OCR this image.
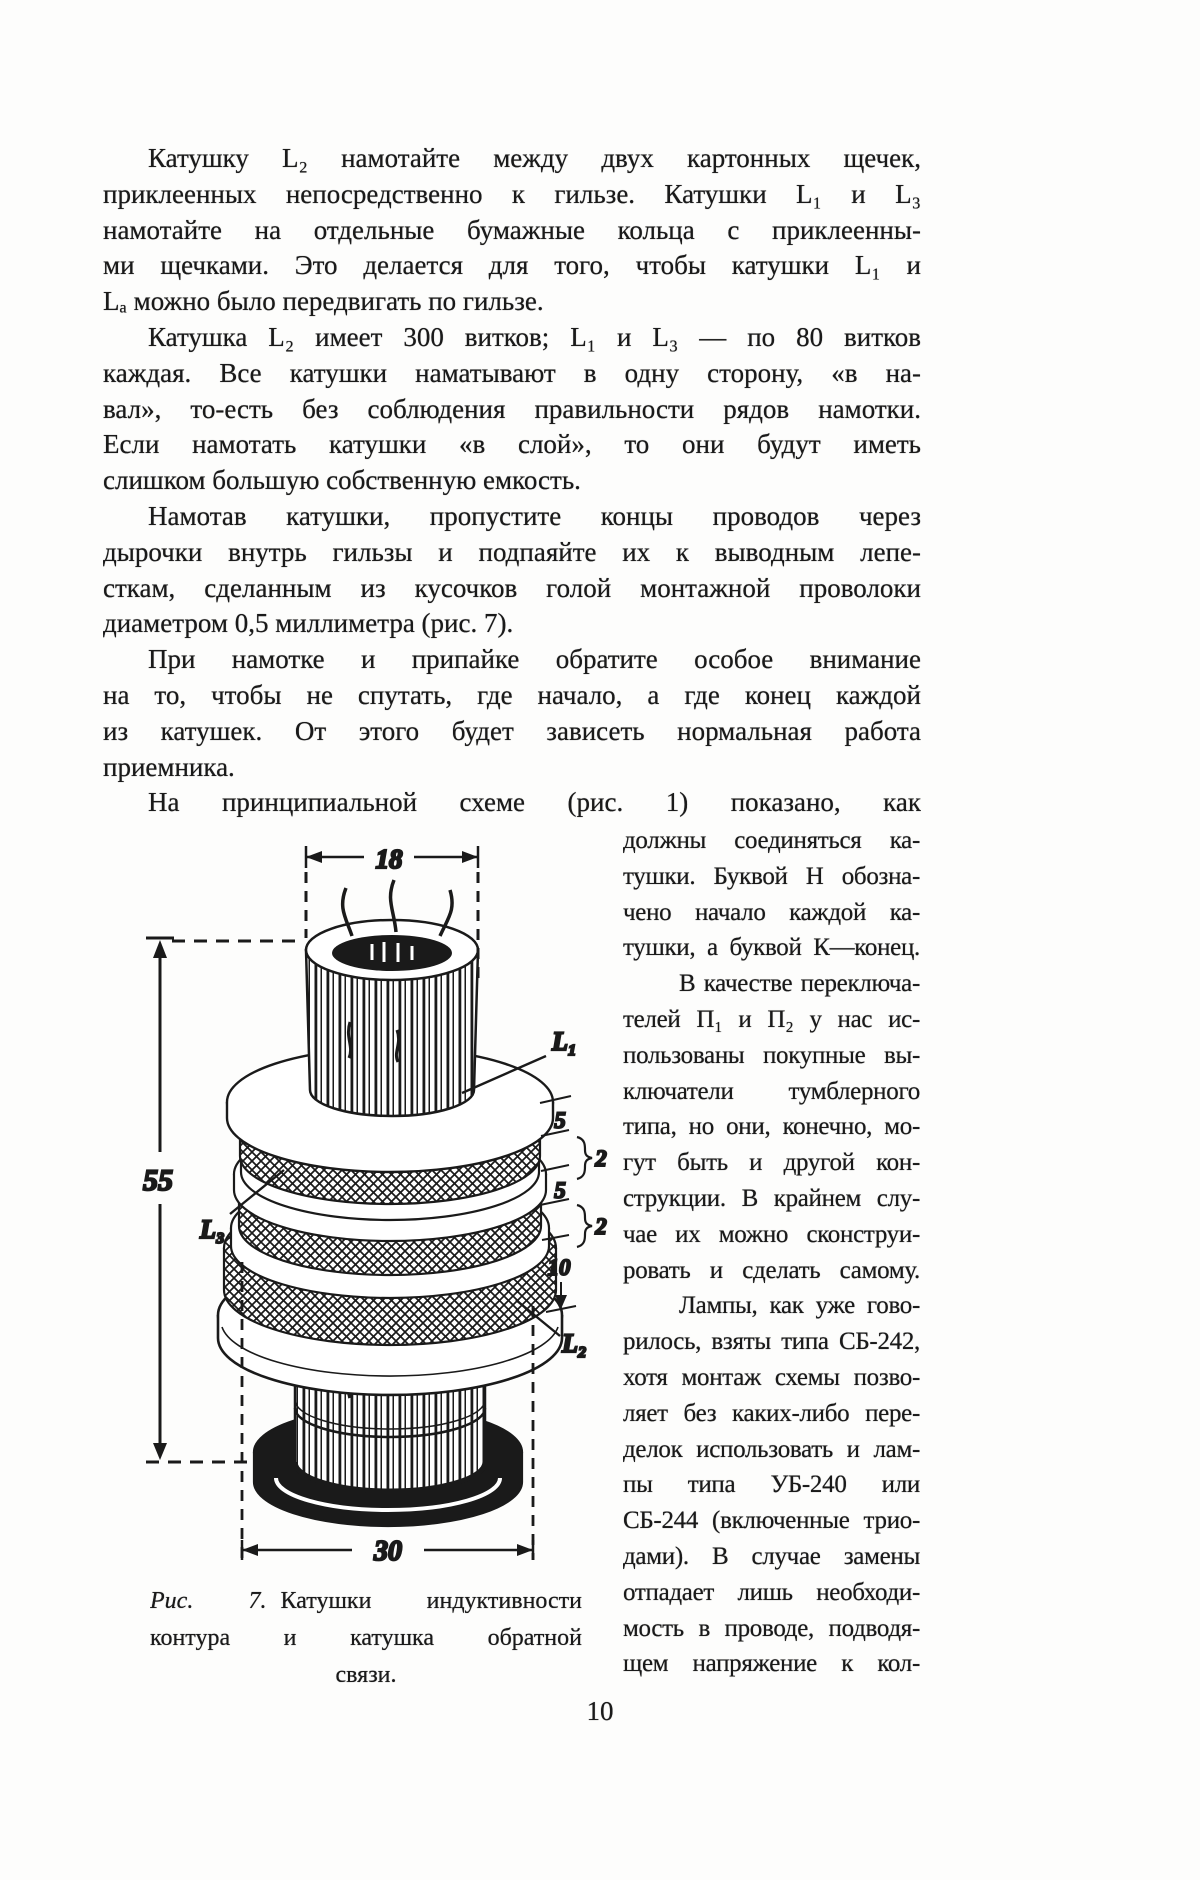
Катушку L₂ намотайте между двух картонных щечек,
приклеенных непосредственно к гильзе. Катушки L₁ и L₃
намотайте на отдельные бумажные кольца с приклеенны-
ми щечками. Это делается для того, чтобы катушки L₁ и
Lₐ можно было передвигать по гильзе.
Катушка L₂ имеет 300 витков; L₁ и L₃ — по 80 витков
каждая. Все катушки наматывают в одну сторону, «в на-
вал», то-есть без соблюдения правильности рядов намотки.
Если намотать катушки «в слой», то они будут иметь
слишком большую собственную емкость.
Намотав катушки, пропустите концы проводов через
дырочки внутрь гильзы и подпаяйте их к выводным лепе-
сткам, сделанным из кусочков голой монтажной проволоки
диаметром 0,5 миллиметра (рис. 7).
При намотке и припайке обратите особое внимание
на то, чтобы не спутать, где начало, а где конец каждой
из катушек. От этого будет зависеть нормальная работа
приемника.
На принципиальной схеме (рис. 1) показано, как
должны соединяться ка-
тушки. Буквой Н обозна-
чено начало каждой ка-
тушки, а буквой К—конец.
В качестве переключа-
телей П₁ и П₂ у нас ис-
пользованы покупные вы-
ключатели тумблерного
типа, но они, конечно, мо-
гут быть и другой кон-
струкции. В крайнем слу-
чае их можно сконструи-
ровать и сделать самому.
Лампы, как уже гово-
рилось, взяты типа СБ-242,
хотя монтаж схемы позво-
ляет без каких-либо пере-
делок использовать и лам-
пы типа УБ-240 или
СБ-244 (включенные трио-
дами). В случае замены
отпадает лишь необходи-
мость в проводе, подводя-
щем напряжение к кол-
18
55
30
5
2
5
2
10
L₁
L₃
L₂
Рис. 7. Катушки индуктивности
контура и катушка обратной
связи.
10
